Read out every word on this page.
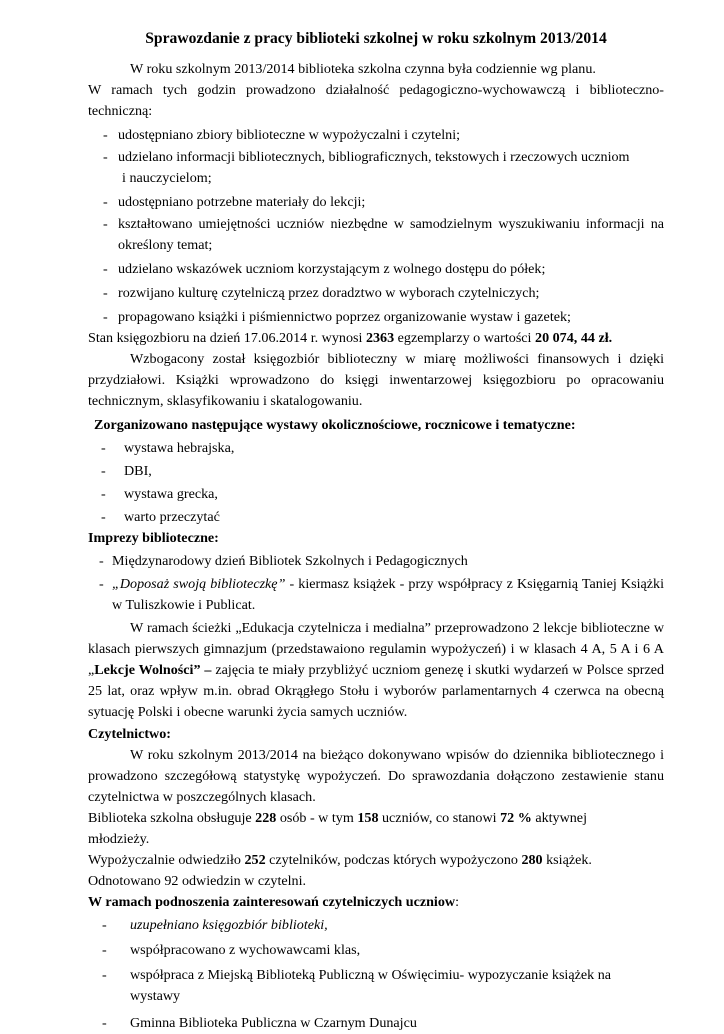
Sprawozdanie z pracy biblioteki szkolnej w roku szkolnym 2013/2014

W roku szkolnym 2013/2014 biblioteka szkolna czynna była codziennie wg planu.

W ramach tych godzin prowadzono działalność pedagogiczno-wychowawczą i biblioteczno-techniczną:

- udostępniano zbiory biblioteczne w wypożyczalni i czytelni;
- udzielano informacji bibliotecznych, bibliograficznych, tekstowych i rzeczowych uczniom
i nauczycielom;
- udostępniano potrzebne materiały do lekcji;
- kształtowano umiejętności uczniów niezbędne w samodzielnym wyszukiwaniu informacji na określony temat;
- udzielano wskazówek uczniom korzystającym z wolnego dostępu do półek;
- rozwijano kulturę czytelniczą przez doradztwo w wyborach czytelniczych;
- propagowano książki i piśmiennictwo poprzez organizowanie wystaw i gazetek;

Stan księgozbioru na dzień 17.06.2014 r. wynosi 2363 egzemplarzy o wartości 20 074, 44 zł.

Wzbogacony został księgozbiór biblioteczny w miarę możliwości finansowych i dzięki przydziałowi. Książki wprowadzono do księgi inwentarzowej księgozbioru po opracowaniu technicznym, sklasyfikowaniu i skatalogowaniu.

Zorganizowano następujące wystawy okolicznościowe, rocznicowe i tematyczne:

- wystawa hebrajska,
- DBI,
- wystawa grecka,
- warto przeczytać

Imprezy biblioteczne:

- Międzynarodowy dzień Bibliotek Szkolnych i Pedagogicznych
- „Doposaż swoją biblioteczkę” - kiermasz książek - przy współpracy z Księgarnią Taniej Książki w Tuliszkowie i Publicat.

W ramach ścieżki „Edukacja czytelnicza i medialna” przeprowadzono 2 lekcje biblioteczne w klasach pierwszych gimnazjum (przedstawaiono regulamin wypożyczeń) i w klasach 4 A, 5 A i 6 A „Lekcje Wolności” – zajęcia te miały przybliżyć uczniom genezę i skutki wydarzeń w Polsce sprzed 25 lat, oraz wpływ m.in. obrad Okrągłego Stołu i wyborów parlamentarnych 4 czerwca na obecną sytuację Polski i obecne warunki życia samych uczniów.

Czytelnictwo:

W roku szkolnym 2013/2014 na bieżąco dokonywano wpisów do dziennika bibliotecznego i prowadzono szczegółową statystykę wypożyczeń. Do sprawozdania dołączono zestawienie stanu czytelnictwa w poszczególnych klasach.

Biblioteka szkolna obsługuje 228 osób - w tym 158 uczniów, co stanowi 72 % aktywnej młodzieży.

Wypożyczalnie odwiedziło 252 czytelników, podczas których wypożyczono 280 książek.

Odnotowano 92 odwiedzin w czytelni.

W ramach podnoszenia zainteresowań czytelniczych uczniow:

- uzupełniano księgozbiór biblioteki,
- współpracowano z wychowawcami klas,
- współpraca z Miejską Biblioteką Publiczną w Oświęcimiu- wypozyczanie książek na wystawy
- Gminna Biblioteka Publiczna w Czarnym Dunajcu
